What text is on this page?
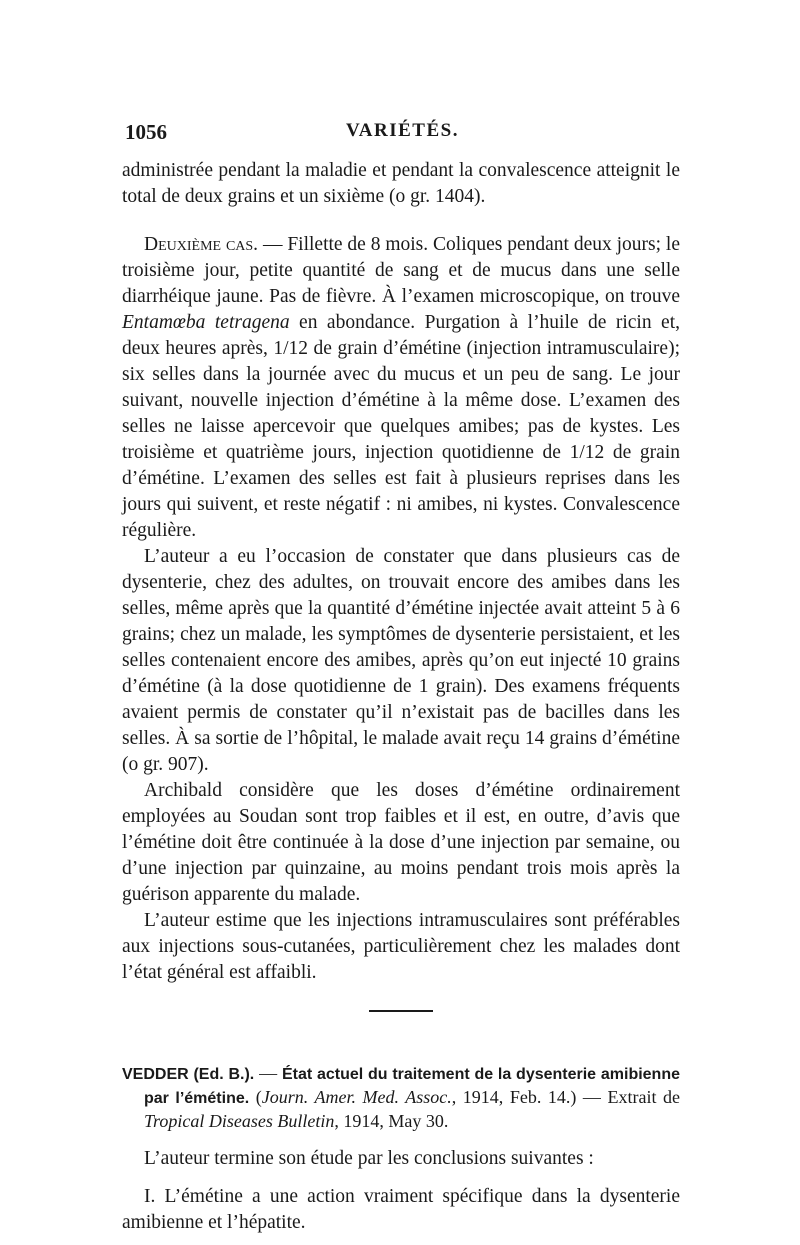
1056	VARIÉTÉS.

administrée pendant la maladie et pendant la convalescence atteignit le total de deux grains et un sixième (o gr. 1404).

Deuxième cas. — Fillette de 8 mois. Coliques pendant deux jours; le troisième jour, petite quantité de sang et de mucus dans une selle diarrhéique jaune. Pas de fièvre. À l’examen microscopique, on trouve Entamœba tetragena en abondance. Purgation à l’huile de ricin et, deux heures après, 1/12 de grain d’émétine (injection intramusculaire); six selles dans la journée avec du mucus et un peu de sang. Le jour suivant, nouvelle injection d’émétine à la même dose. L’examen des selles ne laisse apercevoir que quelques amibes; pas de kystes. Les troisième et quatrième jours, injection quotidienne de 1/12 de grain d’émétine. L’examen des selles est fait à plusieurs reprises dans les jours qui suivent, et reste négatif : ni amibes, ni kystes. Convalescence régulière.

L’auteur a eu l’occasion de constater que dans plusieurs cas de dysenterie, chez des adultes, on trouvait encore des amibes dans les selles, même après que la quantité d’émétine injectée avait atteint 5 à 6 grains; chez un malade, les symptômes de dysenterie persistaient, et les selles contenaient encore des amibes, après qu’on eut injecté 10 grains d’émétine (à la dose quotidienne de 1 grain). Des examens fréquents avaient permis de constater qu’il n’existait pas de bacilles dans les selles. À sa sortie de l’hôpital, le malade avait reçu 14 grains d’émétine (o gr. 907).

Archibald considère que les doses d’émétine ordinairement employées au Soudan sont trop faibles et il est, en outre, d’avis que l’émétine doit être continuée à la dose d’une injection par semaine, ou d’une injection par quinzaine, au moins pendant trois mois après la guérison apparente du malade.

L’auteur estime que les injections intramusculaires sont préférables aux injections sous-cutanées, particulièrement chez les malades dont l’état général est affaibli.

VEDDER (Ed. B.). — État actuel du traitement de la dysenterie amibienne par l’émétine. (Journ. Amer. Med. Assoc., 1914, Feb. 14.) — Extrait de Tropical Diseases Bulletin, 1914, May 30.

L’auteur termine son étude par les conclusions suivantes :

I. L’émétine a une action vraiment spécifique dans la dysenterie amibienne et l’hépatite.
